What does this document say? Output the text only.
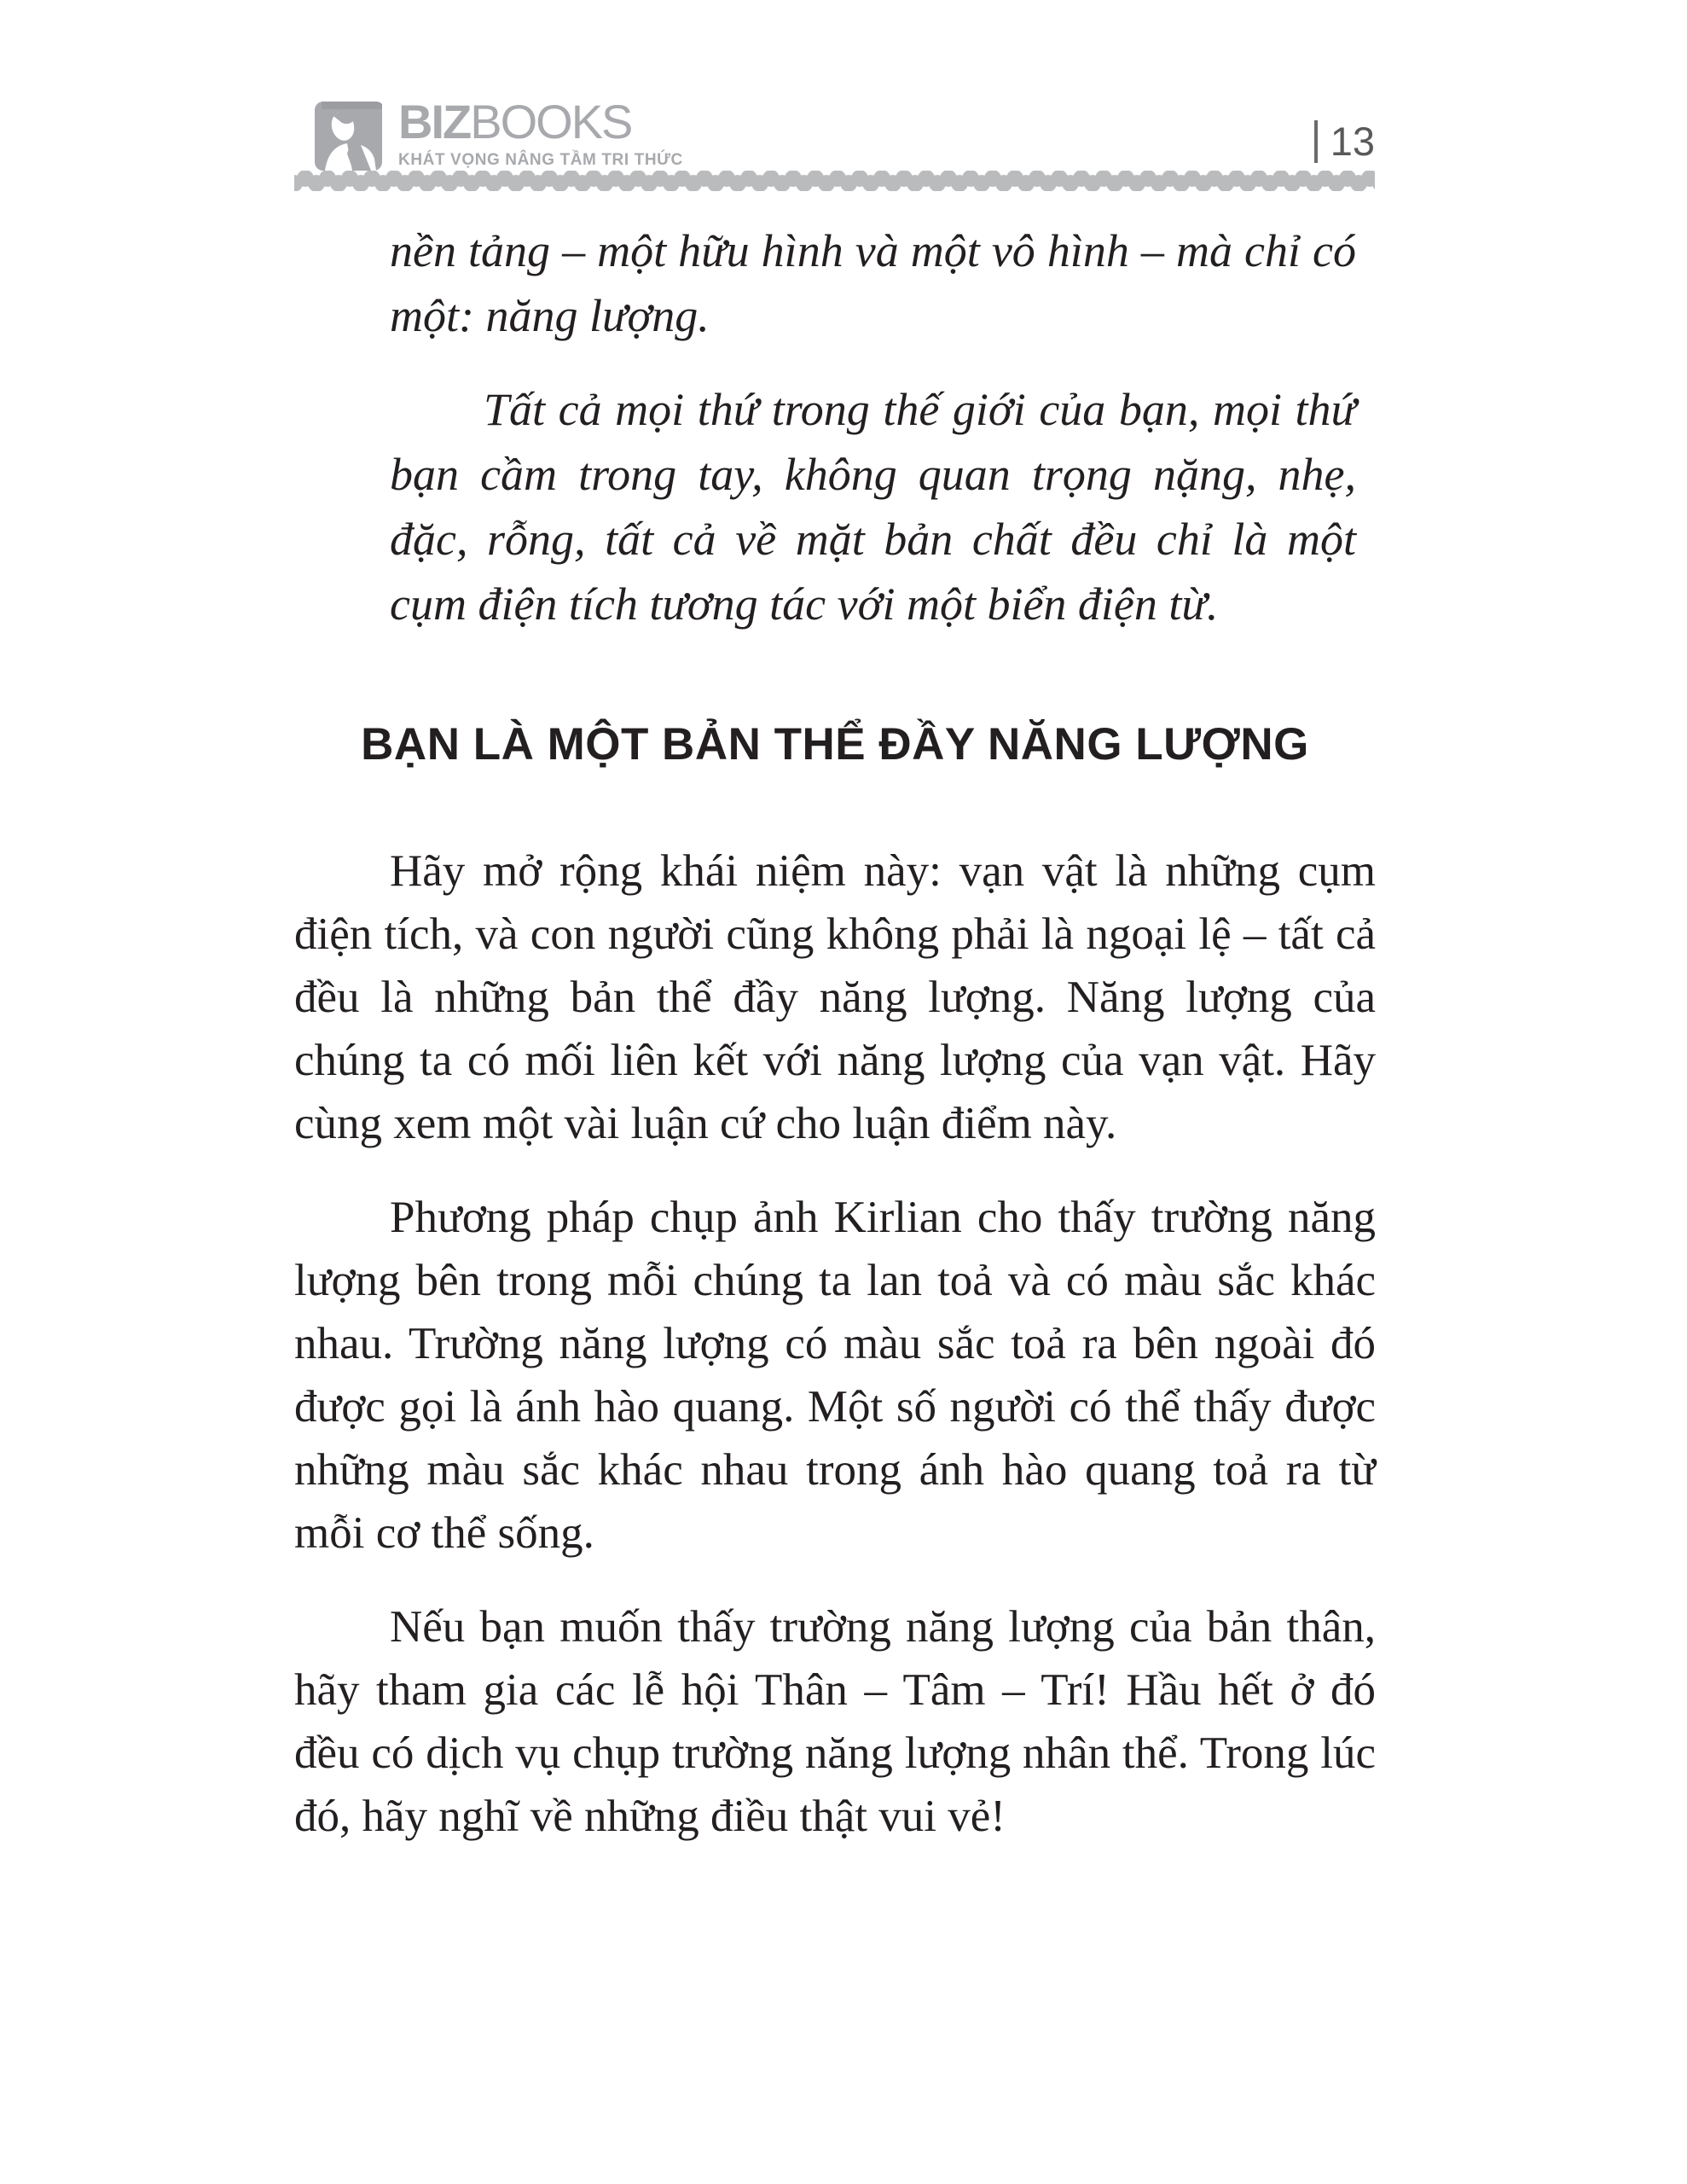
BIZBOOKS
KHÁT VỌNG NÂNG TẦM TRI THỨC	13

nền tảng – một hữu hình và một vô hình – mà chỉ có một: năng lượng.

Tất cả mọi thứ trong thế giới của bạn, mọi thứ bạn cầm trong tay, không quan trọng nặng, nhẹ, đặc, rỗng, tất cả về mặt bản chất đều chỉ là một cụm điện tích tương tác với một biển điện từ.

BẠN LÀ MỘT BẢN THỂ ĐẦY NĂNG LƯỢNG

Hãy mở rộng khái niệm này: vạn vật là những cụm điện tích, và con người cũng không phải là ngoại lệ – tất cả đều là những bản thể đầy năng lượng. Năng lượng của chúng ta có mối liên kết với năng lượng của vạn vật. Hãy cùng xem một vài luận cứ cho luận điểm này.

Phương pháp chụp ảnh Kirlian cho thấy trường năng lượng bên trong mỗi chúng ta lan toả và có màu sắc khác nhau. Trường năng lượng có màu sắc toả ra bên ngoài đó được gọi là ánh hào quang. Một số người có thể thấy được những màu sắc khác nhau trong ánh hào quang toả ra từ mỗi cơ thể sống.

Nếu bạn muốn thấy trường năng lượng của bản thân, hãy tham gia các lễ hội Thân – Tâm – Trí! Hầu hết ở đó đều có dịch vụ chụp trường năng lượng nhân thể. Trong lúc đó, hãy nghĩ về những điều thật vui vẻ!
